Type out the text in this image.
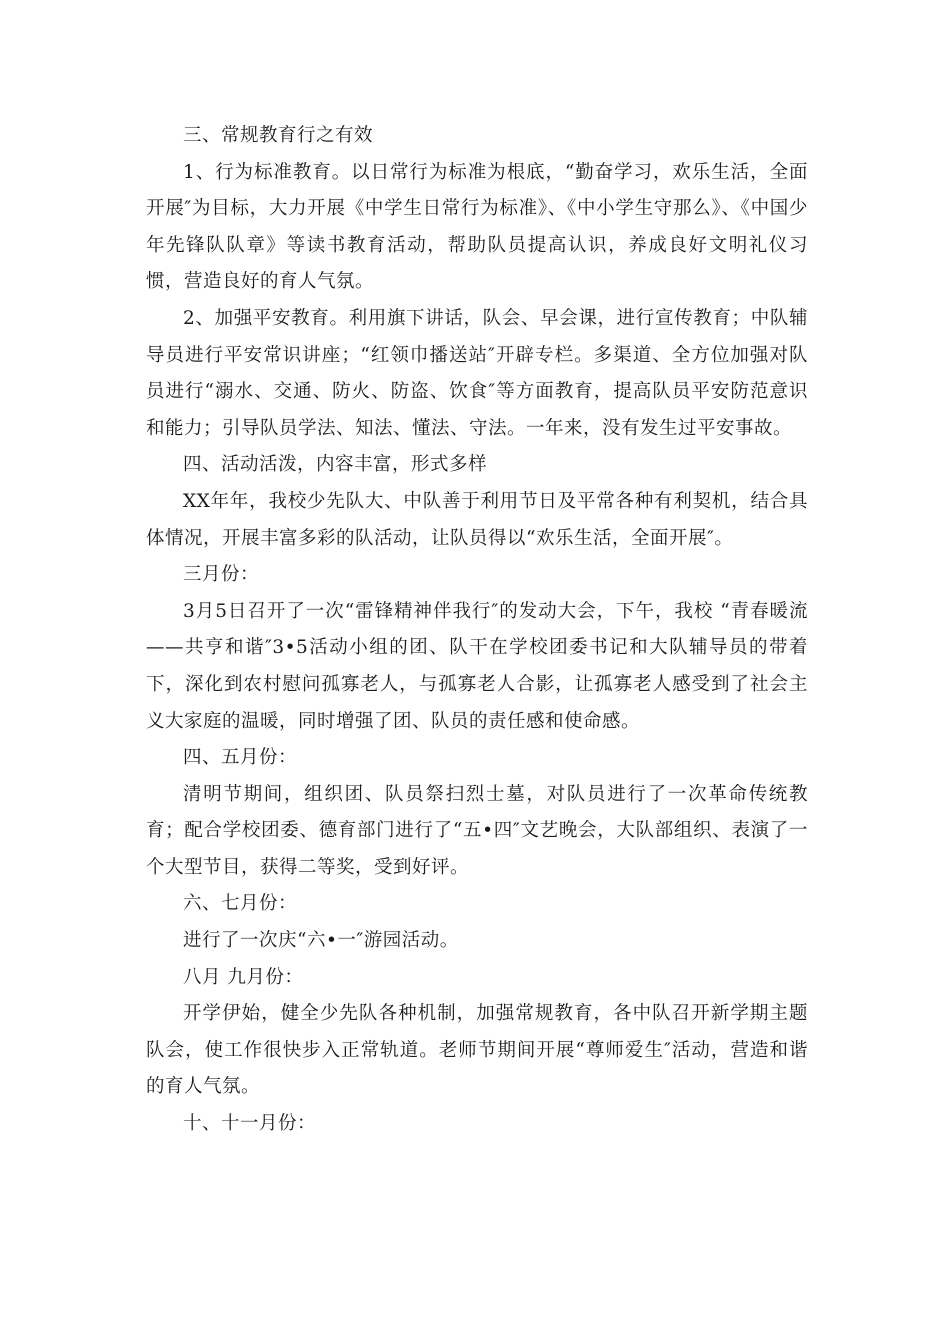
三、常规教育行之有效

1、行为标准教育。以日常行为标准为根底，“勤奋学习，欢乐生活，全面开展″为目标，大力开展《中学生日常行为标准》、《中小学生守那么》、《中国少年先锋队队章》等读书教育活动，帮助队员提高认识，养成良好文明礼仪习惯，营造良好的育人气氛。

2、加强平安教育。利用旗下讲话，队会、早会课，进行宣传教育；中队辅导员进行平安常识讲座；“红领巾播送站″开辟专栏。多渠道、全方位加强对队员进行“溺水、交通、防火、防盗、饮食″等方面教育，提高队员平安防范意识和能力；引导队员学法、知法、懂法、守法。一年来，没有发生过平安事故。

四、活动活泼，内容丰富，形式多样

XX年年，我校少先队大、中队善于利用节日及平常各种有利契机，结合具体情况，开展丰富多彩的队活动，让队员得以“欢乐生活，全面开展″。

三月份：

3月5日召开了一次“雷锋精神伴我行″的发动大会，下午，我校 “青春暖流——共亨和谐″3•5活动小组的团、队干在学校团委书记和大队辅导员的带着下，深化到农村慰问孤寡老人，与孤寡老人合影，让孤寡老人感受到了社会主义大家庭的温暖，同时增强了团、队员的责任感和使命感。

四、五月份：

清明节期间，组织团、队员祭扫烈士墓，对队员进行了一次革命传统教育；配合学校团委、德育部门进行了“五•四″文艺晚会，大队部组织、表演了一个大型节目，获得二等奖，受到好评。

六、七月份：

进行了一次庆“六•一″游园活动。

八月 九月份：

开学伊始，健全少先队各种机制，加强常规教育，各中队召开新学期主题队会，使工作很快步入正常轨道。老师节期间开展“尊师爱生″活动，营造和谐的育人气氛。

十、十一月份：
